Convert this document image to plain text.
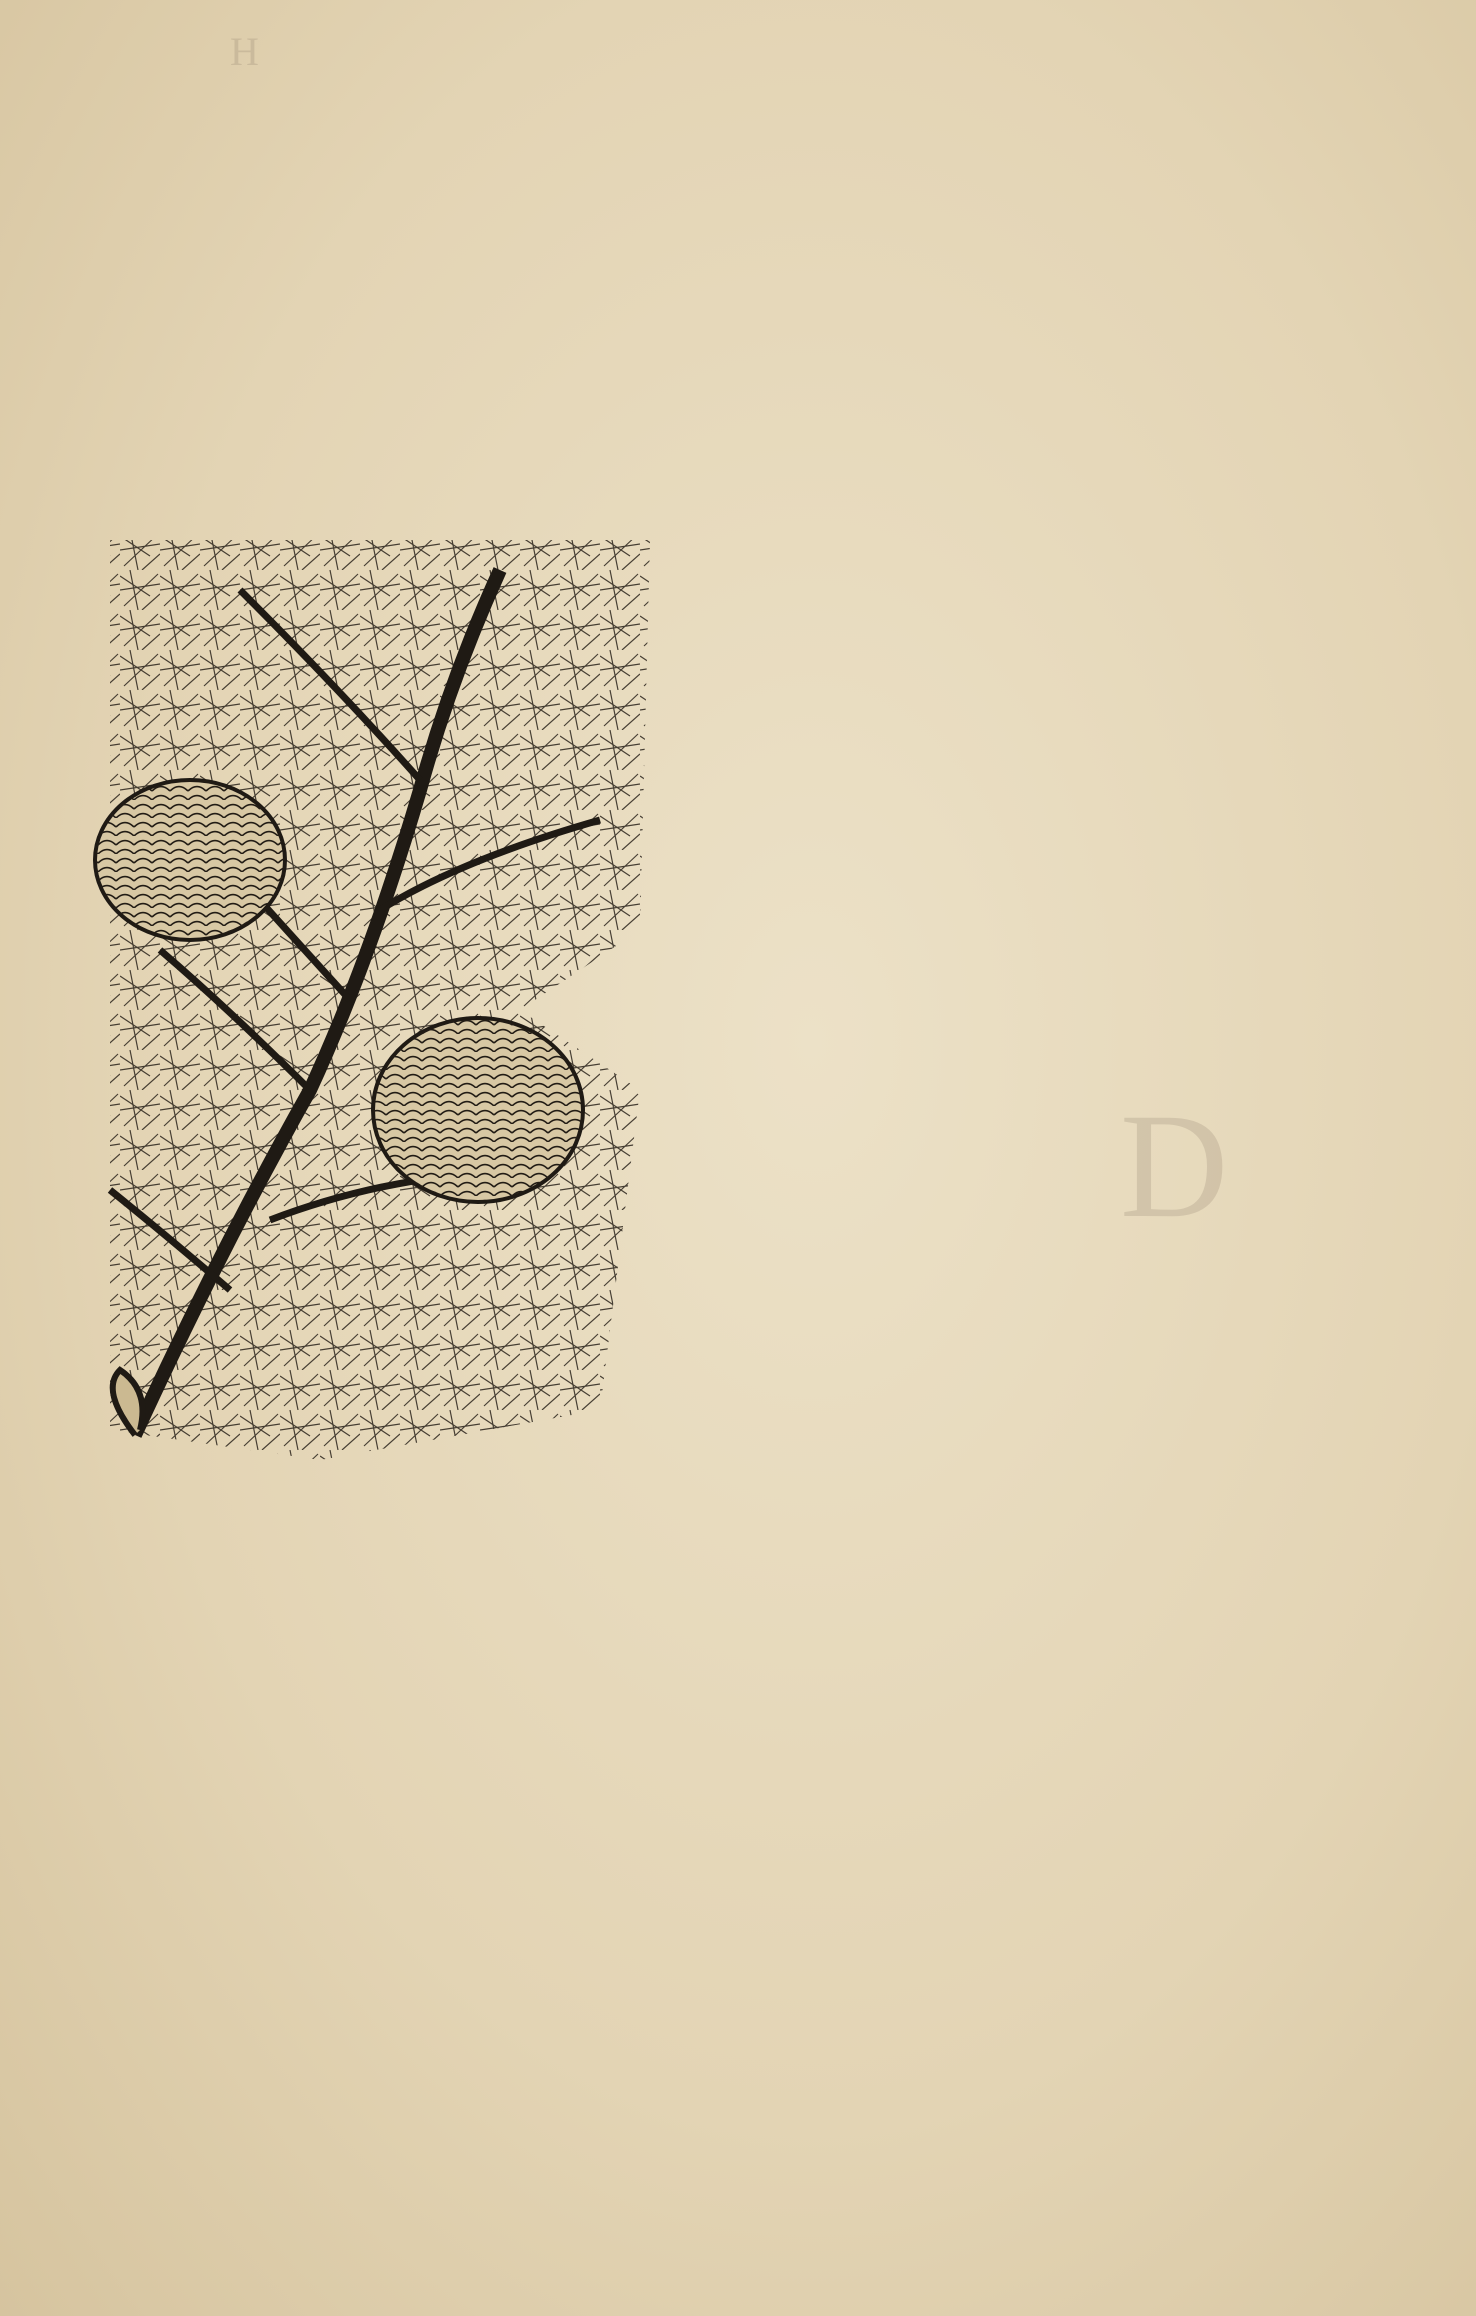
H
D
